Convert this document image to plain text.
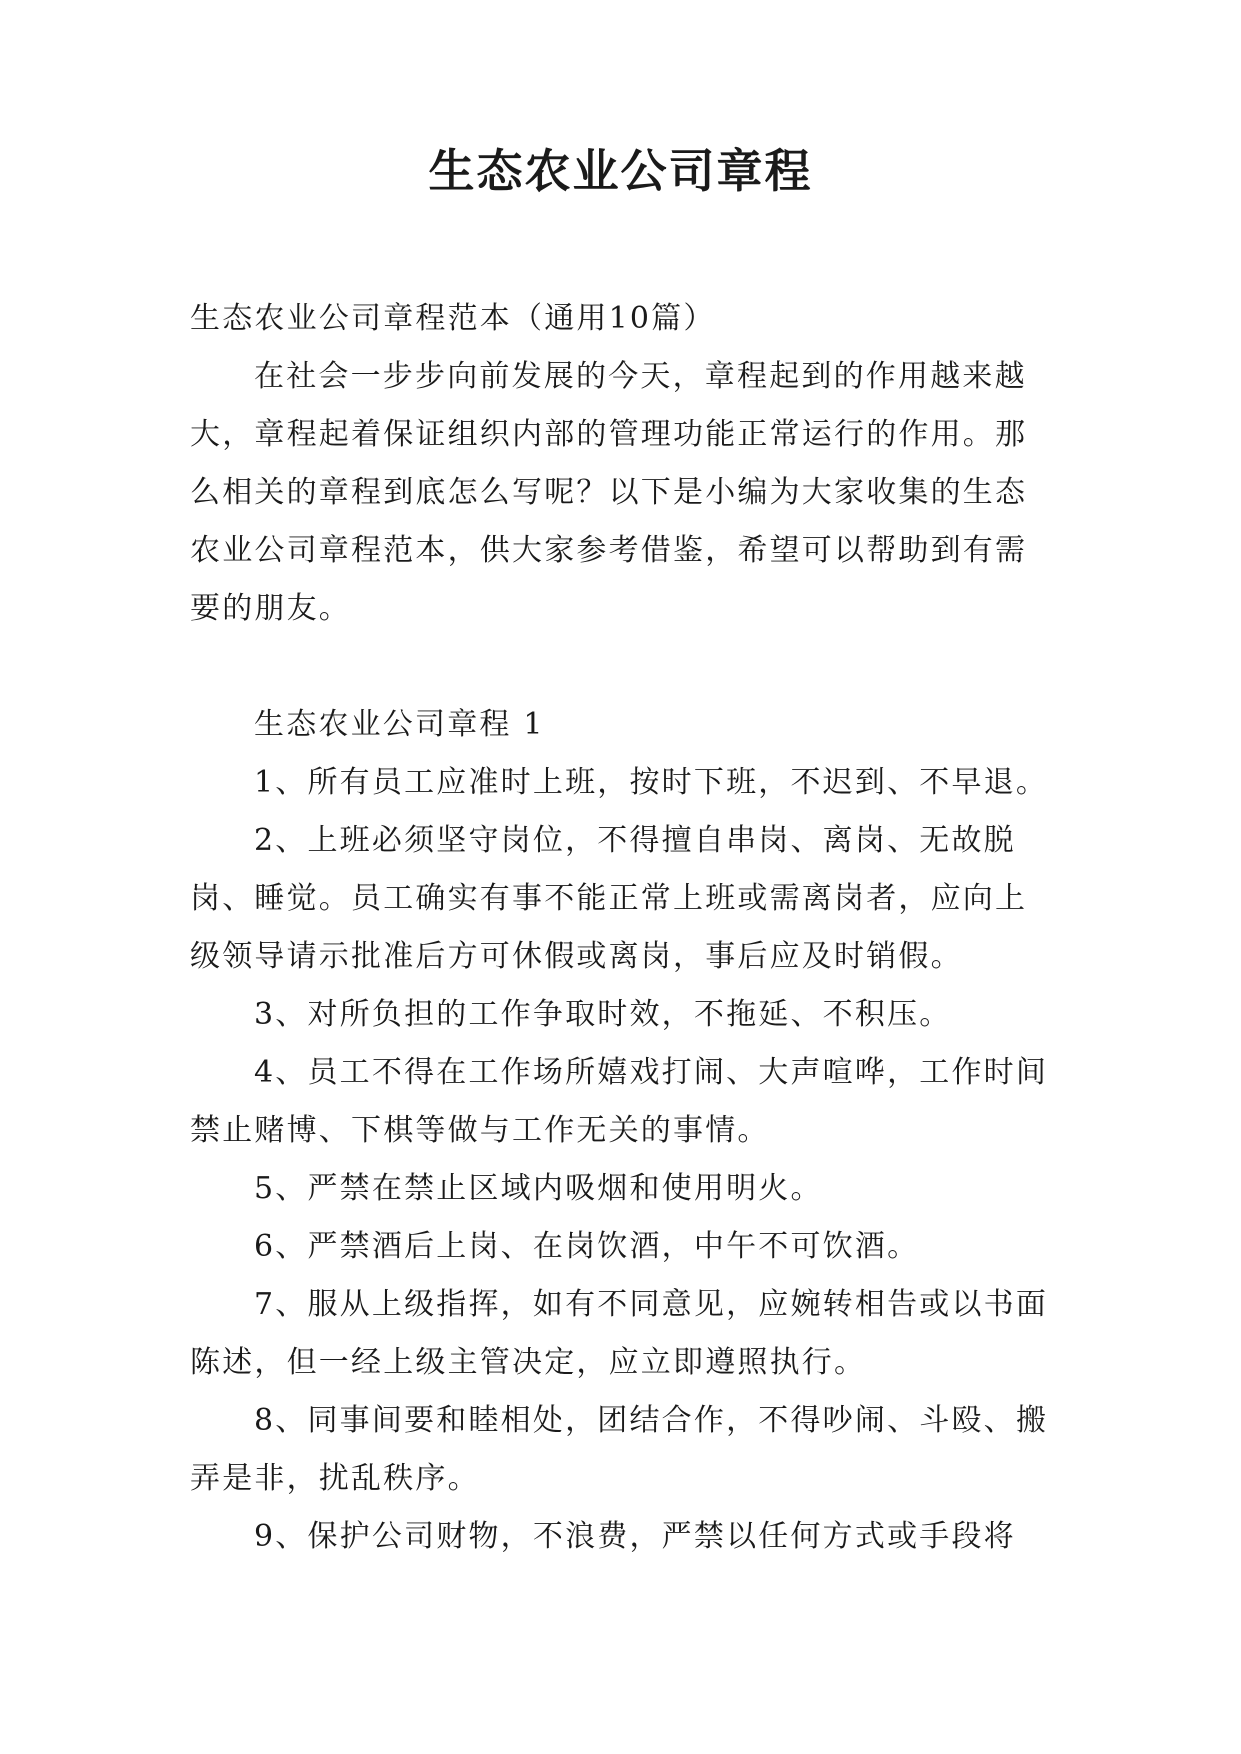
生态农业公司章程

生态农业公司章程范本（通用10篇）

在社会一步步向前发展的今天，章程起到的作用越来越大，章程起着保证组织内部的管理功能正常运行的作用。那么相关的章程到底怎么写呢？以下是小编为大家收集的生态农业公司章程范本，供大家参考借鉴，希望可以帮助到有需要的朋友。

生态农业公司章程 1

1、所有员工应准时上班，按时下班，不迟到、不早退。

2、上班必须坚守岗位，不得擅自串岗、离岗、无故脱岗、睡觉。员工确实有事不能正常上班或需离岗者，应向上级领导请示批准后方可休假或离岗，事后应及时销假。

3、对所负担的工作争取时效，不拖延、不积压。

4、员工不得在工作场所嬉戏打闹、大声喧哗，工作时间禁止赌博、下棋等做与工作无关的事情。

5、严禁在禁止区域内吸烟和使用明火。

6、严禁酒后上岗、在岗饮酒，中午不可饮酒。

7、服从上级指挥，如有不同意见，应婉转相告或以书面陈述，但一经上级主管决定，应立即遵照执行。

8、同事间要和睦相处，团结合作，不得吵闹、斗殴、搬弄是非，扰乱秩序。

9、保护公司财物，不浪费，严禁以任何方式或手段将
